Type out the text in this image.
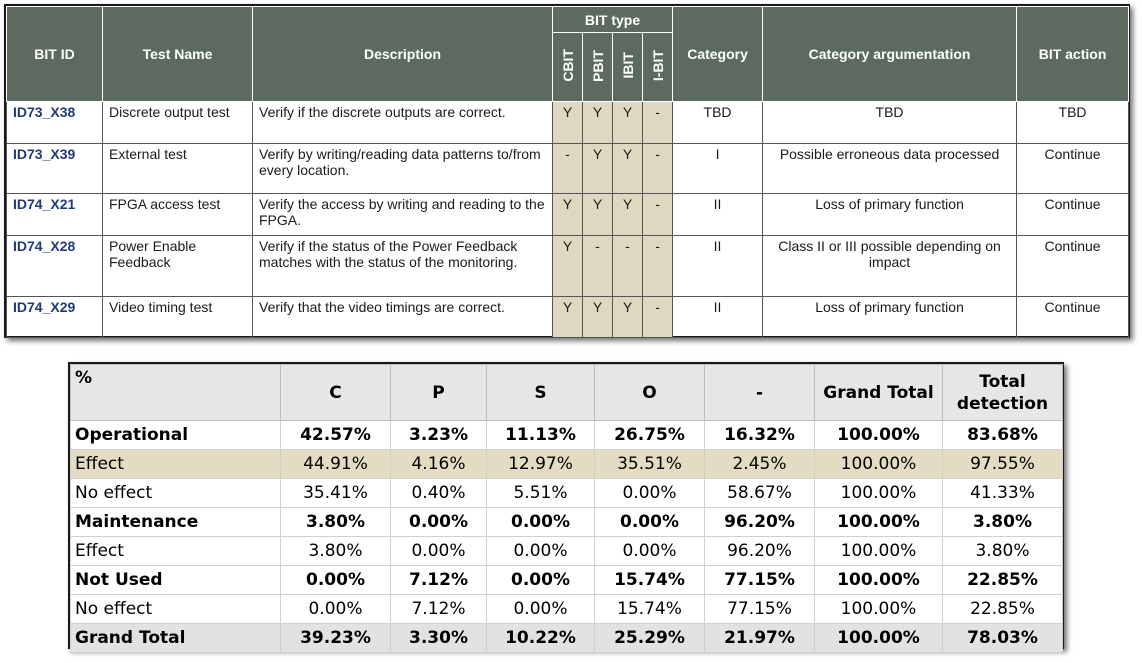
BIT ID	Test Name	Description	BIT type				Category	Category argumentation	BIT action
			CBIT	PBIT	IBIT	I-BIT			
ID73_X38	Discrete output test	Verify if the discrete outputs are correct.	Y	Y	Y	-	TBD	TBD	TBD
ID73_X39	External test	Verify by writing/reading data patterns to/from every location.	-	Y	Y	-	I	Possible erroneous data processed	Continue
ID74_X21	FPGA access test	Verify the access by writing and reading to the FPGA.	Y	Y	Y	-	II	Loss of primary function	Continue
ID74_X28	Power Enable Feedback	Verify if the status of the Power Feedback matches with the status of the monitoring.	Y	-	-	-	II	Class II or III possible depending on impact	Continue
ID74_X29	Video timing test	Verify that the video timings are correct.	Y	Y	Y	-	II	Loss of primary function	Continue
%	C	P	S	O	-	Grand Total	Total detection
Operational	42.57%	3.23%	11.13%	26.75%	16.32%	100.00%	83.68%
Effect	44.91%	4.16%	12.97%	35.51%	2.45%	100.00%	97.55%
No effect	35.41%	0.40%	5.51%	0.00%	58.67%	100.00%	41.33%
Maintenance	3.80%	0.00%	0.00%	0.00%	96.20%	100.00%	3.80%
Effect	3.80%	0.00%	0.00%	0.00%	96.20%	100.00%	3.80%
Not Used	0.00%	7.12%	0.00%	15.74%	77.15%	100.00%	22.85%
No effect	0.00%	7.12%	0.00%	15.74%	77.15%	100.00%	22.85%
Grand Total	39.23%	3.30%	10.22%	25.29%	21.97%	100.00%	78.03%
